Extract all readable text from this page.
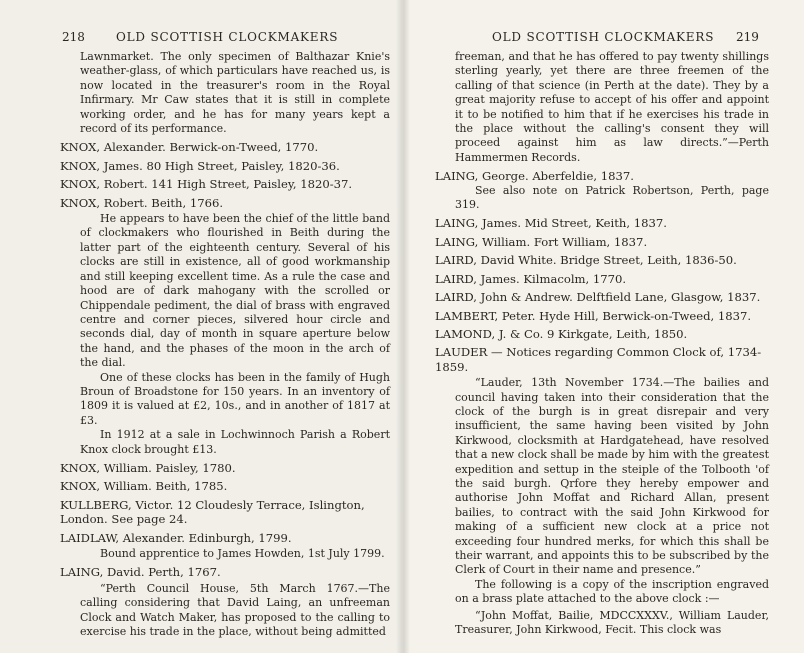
218	OLD SCOTTISH CLOCKMAKERS

Lawnmarket. The only specimen of Balthazar Knie's weather-glass, of which particulars have reached us, is now located in the treasurer's room in the Royal Infirmary. Mr Caw states that it is still in complete working order, and he has for many years kept a record of its performance.

KNOX, Alexander. Berwick-on-Tweed, 1770.

KNOX, James. 80 High Street, Paisley, 1820-36.

KNOX, Robert. 141 High Street, Paisley, 1820-37.

KNOX, Robert. Beith, 1766.

He appears to have been the chief of the little band of clockmakers who flourished in Beith during the latter part of the eighteenth century. Several of his clocks are still in existence, all of good workmanship and still keeping excellent time. As a rule the case and hood are of dark mahogany with the scrolled or Chippendale pediment, the dial of brass with engraved centre and corner pieces, silvered hour circle and seconds dial, day of month in square aperture below the hand, and the phases of the moon in the arch of the dial.

One of these clocks has been in the family of Hugh Broun of Broadstone for 150 years. In an inventory of 1809 it is valued at £2, 10s., and in another of 1817 at £3.

In 1912 at a sale in Lochwinnoch Parish a Robert Knox clock brought £13.

KNOX, William. Paisley, 1780.

KNOX, William. Beith, 1785.

KULLBERG, Victor. 12 Cloudesly Terrace, Islington, London. See page 24.

LAIDLAW, Alexander. Edinburgh, 1799.

Bound apprentice to James Howden, 1st July 1799.

LAING, David. Perth, 1767.

“Perth Council House, 5th March 1767.—The calling considering that David Laing, an unfreeman Clock and Watch Maker, has proposed to the calling to exercise his trade in the place, without being admitted

OLD SCOTTISH CLOCKMAKERS 219

freeman, and that he has offered to pay twenty shillings sterling yearly, yet there are three freemen of the calling of that science (in Perth at the date). They by a great majority refuse to accept of his offer and appoint it to be notified to him that if he exercises his trade in the place without the calling's consent they will proceed against him as law directs.”—Perth Hammermen Records.

LAING, George. Aberfeldie, 1837.

See also note on Patrick Robertson, Perth, page 319.

LAING, James. Mid Street, Keith, 1837.

LAING, William. Fort William, 1837.

LAIRD, David White. Bridge Street, Leith, 1836-50.

LAIRD, James. Kilmacolm, 1770.

LAIRD, John & Andrew. Delftfield Lane, Glasgow, 1837.

LAMBERT, Peter. Hyde Hill, Berwick-on-Tweed, 1837.

LAMOND, J. & Co. 9 Kirkgate, Leith, 1850.

LAUDER — Notices regarding Common Clock of, 1734-1859.

“Lauder, 13th November 1734.—The bailies and council having taken into their consideration that the clock of the burgh is in great disrepair and very insufficient, the same having been visited by John Kirkwood, clocksmith at Hardgatehead, have resolved that a new clock shall be made by him with the greatest expedition and settup in the steiple of the Tolbooth 'of the said burgh. Qrfore they hereby empower and authorise John Moffat and Richard Allan, present bailies, to contract with the said John Kirkwood for making of a sufficient new clock at a price not exceeding four hundred merks, for which this shall be their warrant, and appoints this to be subscribed by the Clerk of Court in their name and presence.”

The following is a copy of the inscription engraved on a brass plate attached to the above clock :—

“John Moffat, Bailie, MDCCXXXV., William Lauder, Treasurer, John Kirkwood, Fecit. This clock was
